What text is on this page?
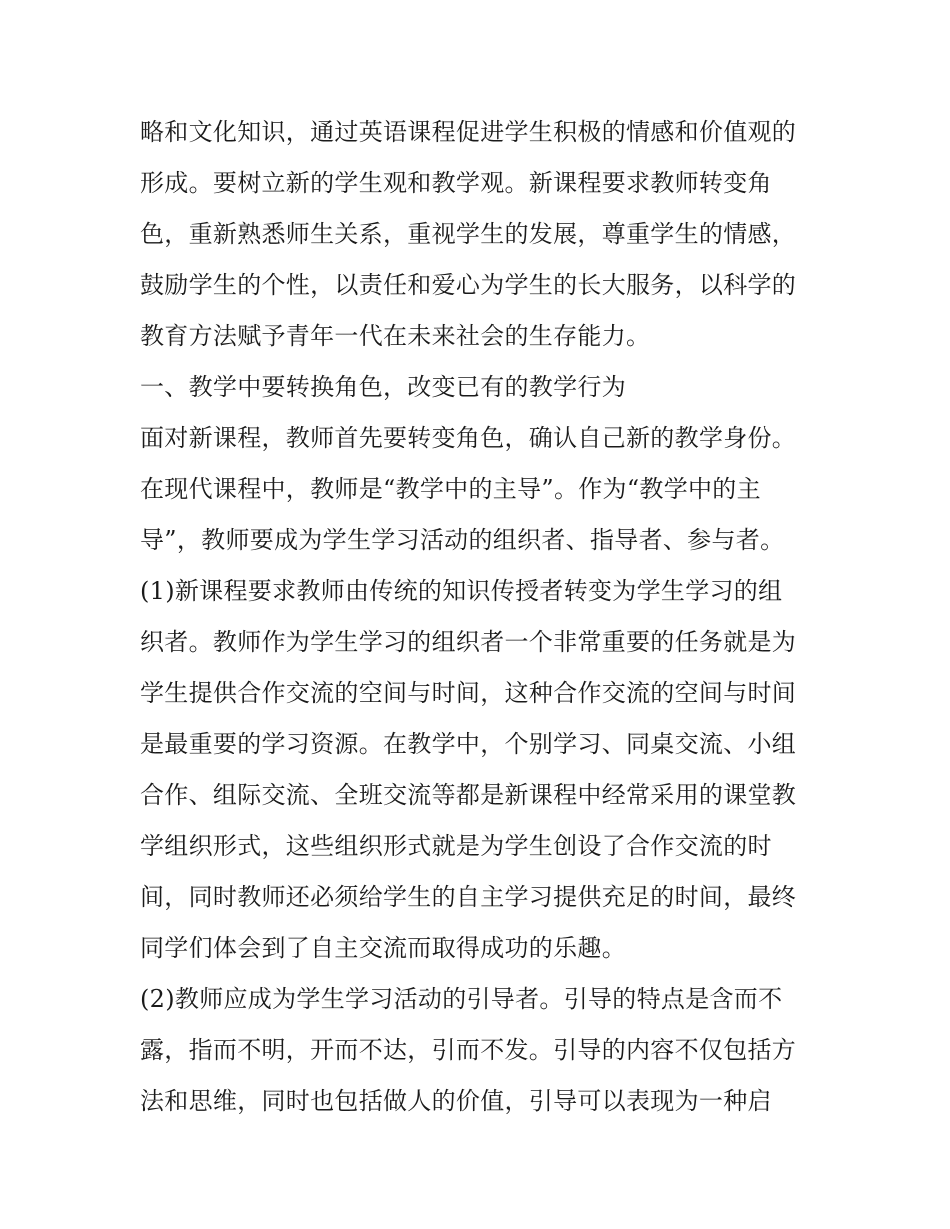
略和文化知识，通过英语课程促进学生积极的情感和价值观的
形成。要树立新的学生观和教学观。新课程要求教师转变角
色，重新熟悉师生关系，重视学生的发展，尊重学生的情感，
鼓励学生的个性，以责任和爱心为学生的长大服务，以科学的
教育方法赋予青年一代在未来社会的生存能力。
一、教学中要转换角色，改变已有的教学行为
面对新课程，教师首先要转变角色，确认自己新的教学身份。
在现代课程中，教师是“教学中的主导”。作为“教学中的主
导”，教师要成为学生学习活动的组织者、指导者、参与者。
(1)新课程要求教师由传统的知识传授者转变为学生学习的组
织者。教师作为学生学习的组织者一个非常重要的任务就是为
学生提供合作交流的空间与时间，这种合作交流的空间与时间
是最重要的学习资源。在教学中，个别学习、同桌交流、小组
合作、组际交流、全班交流等都是新课程中经常采用的课堂教
学组织形式，这些组织形式就是为学生创设了合作交流的时
间，同时教师还必须给学生的自主学习提供充足的时间，最终
同学们体会到了自主交流而取得成功的乐趣。
(2)教师应成为学生学习活动的引导者。引导的特点是含而不
露，指而不明，开而不达，引而不发。引导的内容不仅包括方
法和思维，同时也包括做人的价值，引导可以表现为一种启
